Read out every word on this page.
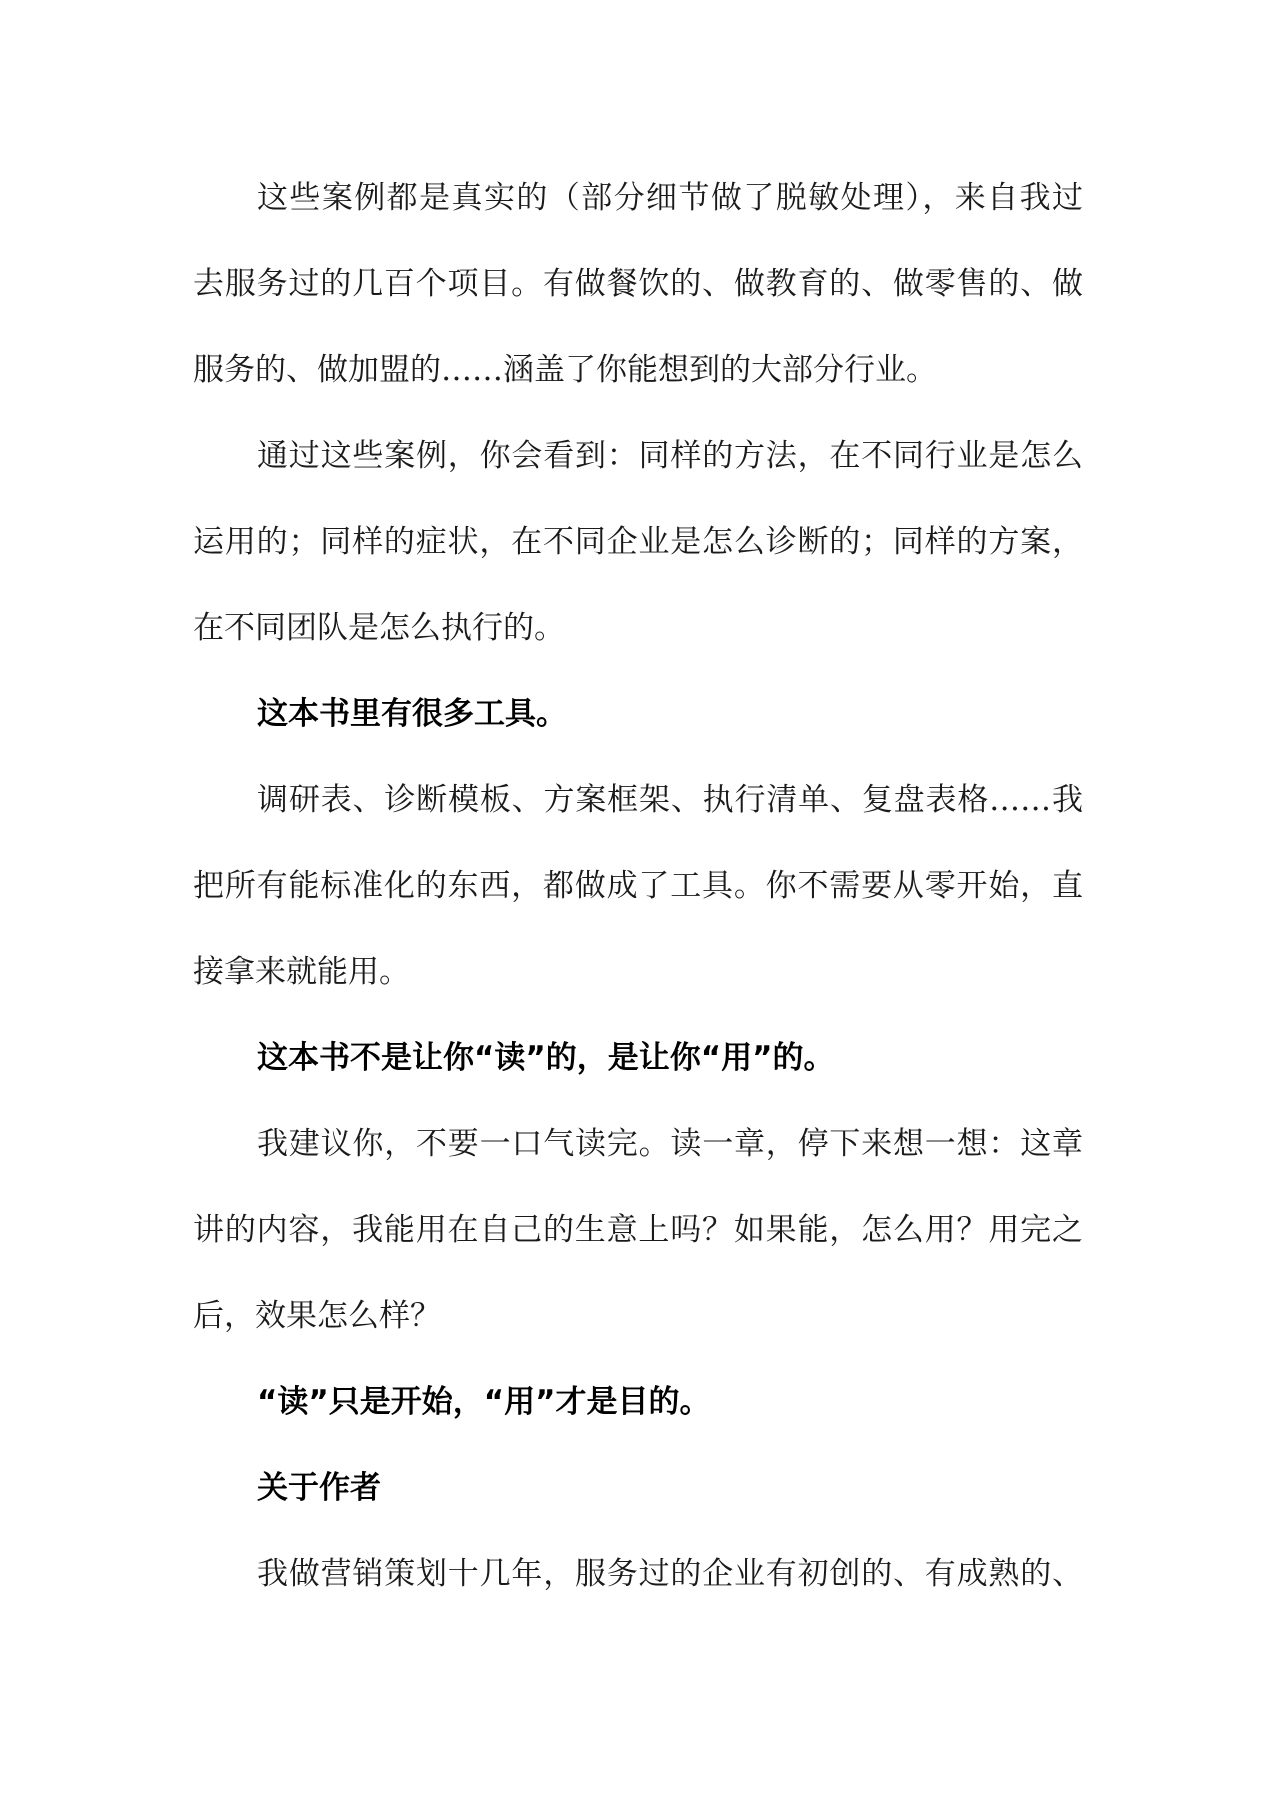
这些案例都是真实的（部分细节做了脱敏处理），来自我过
去服务过的几百个项目。有做餐饮的、做教育的、做零售的、做
服务的、做加盟的……涵盖了你能想到的大部分行业。
通过这些案例，你会看到：同样的方法，在不同行业是怎么
运用的；同样的症状，在不同企业是怎么诊断的；同样的方案，
在不同团队是怎么执行的。
这本书里有很多工具。
调研表、诊断模板、方案框架、执行清单、复盘表格……我
把所有能标准化的东西，都做成了工具。你不需要从零开始，直
接拿来就能用。
这本书不是让你“读”的，是让你“用”的。
我建议你，不要一口气读完。读一章，停下来想一想：这章
讲的内容，我能用在自己的生意上吗？如果能，怎么用？用完之
后，效果怎么样？
“读”只是开始，“用”才是目的。
关于作者
我做营销策划十几年，服务过的企业有初创的、有成熟的、
